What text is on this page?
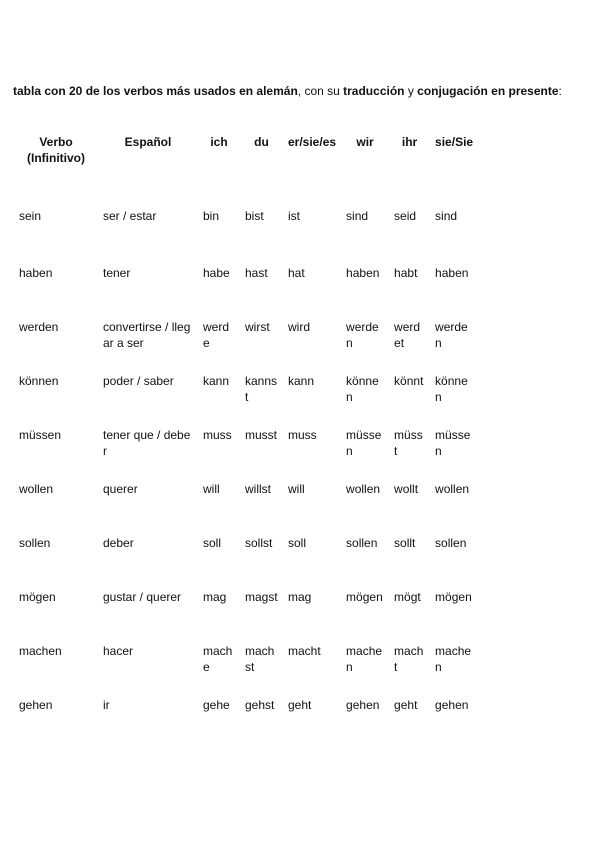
tabla con 20 de los verbos más usados en alemán, con su traducción y conjugación en presente:
Verbo (Infinitivo)	Español	ich	du	er/sie/es	wir	ihr	sie/Sie
sein	ser / estar	bin	bist	ist	sind	seid	sind
haben	tener	habe	hast	hat	haben	habt	haben
werden	convertirse / llegar a ser	werde	wirst	wird	werden	werdet	werden
können	poder / saber	kann	kannst	kann	können	könnt	können
müssen	tener que / deber	muss	musst	muss	müssen	müsst	müssen
wollen	querer	will	willst	will	wollen	wollt	wollen
sollen	deber	soll	sollst	soll	sollen	sollt	sollen
mögen	gustar / querer	mag	magst	mag	mögen	mögt	mögen
machen	hacer	mache	machst	macht	machen	macht	machen
gehen	ir	gehe	gehst	geht	gehen	geht	gehen
